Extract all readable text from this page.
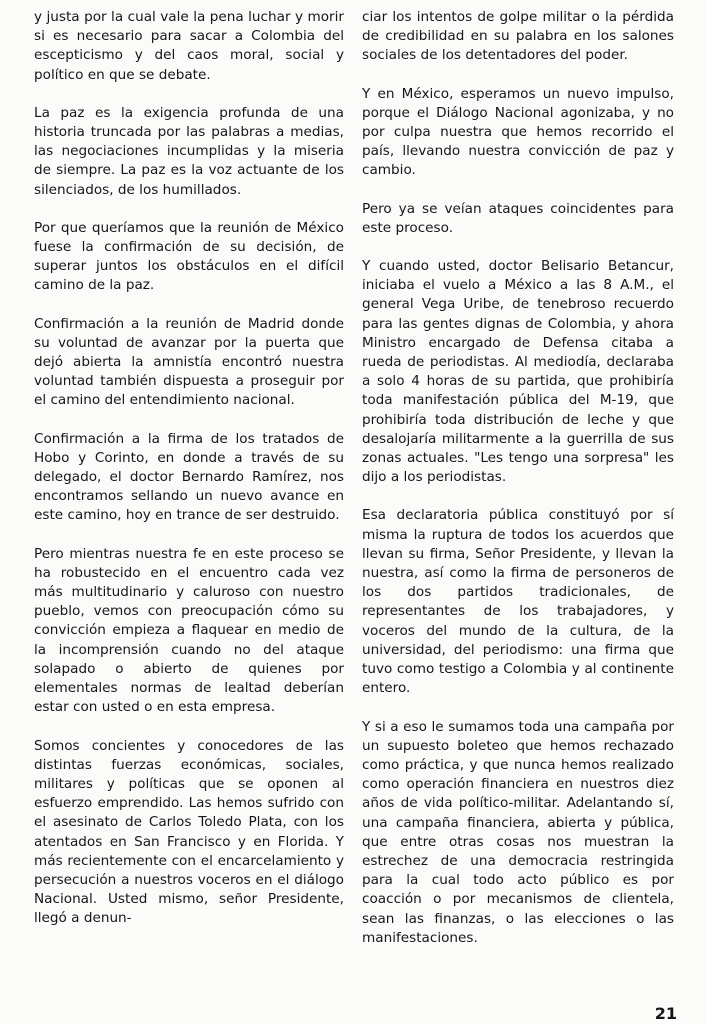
y justa por la cual vale la pena luchar y morir si es necesario para sacar a Colombia del escepticismo y del caos moral, social y político en que se debate.

La paz es la exigencia profunda de una historia truncada por las palabras a medias, las negociaciones incumplidas y la miseria de siempre. La paz es la voz actuante de los silenciados, de los humillados.

Por que queríamos que la reunión de México fuese la confirmación de su decisión, de superar juntos los obstáculos en el difícil camino de la paz.

Confirmación a la reunión de Madrid donde su voluntad de avanzar por la puerta que dejó abierta la amnistía encontró nuestra voluntad también dispuesta a proseguir por el camino del entendimiento nacional.

Confirmación a la firma de los tratados de Hobo y Corinto, en donde a través de su delegado, el doctor Bernardo Ramírez, nos encontramos sellando un nuevo avance en este camino, hoy en trance de ser destruido.

Pero mientras nuestra fe en este proceso se ha robustecido en el encuentro cada vez más multitudinario y caluroso con nuestro pueblo, vemos con preocupación cómo su convicción empieza a flaquear en medio de la incomprensión cuando no del ataque solapado o abierto de quienes por elementales normas de lealtad deberían estar con usted o en esta empresa.

Somos concientes y conocedores de las distintas fuerzas económicas, sociales, militares y políticas que se oponen al esfuerzo emprendido. Las hemos sufrido con el asesinato de Carlos Toledo Plata, con los atentados en San Francisco y en Florida. Y más recientemente con el encarcelamiento y persecución a nuestros voceros en el diálogo Nacional. Usted mismo, señor Presidente, llegó a denun-

ciar los intentos de golpe militar o la pérdida de credibilidad en su palabra en los salones sociales de los detentadores del poder.

Y en México, esperamos un nuevo impulso, porque el Diálogo Nacional agonizaba, y no por culpa nuestra que hemos recorrido el país, llevando nuestra convicción de paz y cambio.

Pero ya se veían ataques coincidentes para este proceso.

Y cuando usted, doctor Belisario Betancur, iniciaba el vuelo a México a las 8 A.M., el general Vega Uribe, de tenebroso recuerdo para las gentes dignas de Colombia, y ahora Ministro encargado de Defensa citaba a rueda de periodistas. Al mediodía, declaraba a solo 4 horas de su partida, que prohibiría toda manifestación pública del M-19, que prohibiría toda distribución de leche y que desalojaría militarmente a la guerrilla de sus zonas actuales. "Les tengo una sorpresa" les dijo a los periodistas.

Esa declaratoria pública constituyó por sí misma la ruptura de todos los acuerdos que llevan su firma, Señor Presidente, y llevan la nuestra, así como la firma de personeros de los dos partidos tradicionales, de representantes de los trabajadores, y voceros del mundo de la cultura, de la universidad, del periodismo: una firma que tuvo como testigo a Colombia y al continente entero.

Y si a eso le sumamos toda una campaña por un supuesto boleteo que hemos rechazado como práctica, y que nunca hemos realizado como operación financiera en nuestros diez años de vida político-militar. Adelantando sí, una campaña financiera, abierta y pública, que entre otras cosas nos muestran la estrechez de una democracia restringida para la cual todo acto público es por coacción o por mecanismos de clientela, sean las finanzas, o las elecciones o las manifestaciones.

21
